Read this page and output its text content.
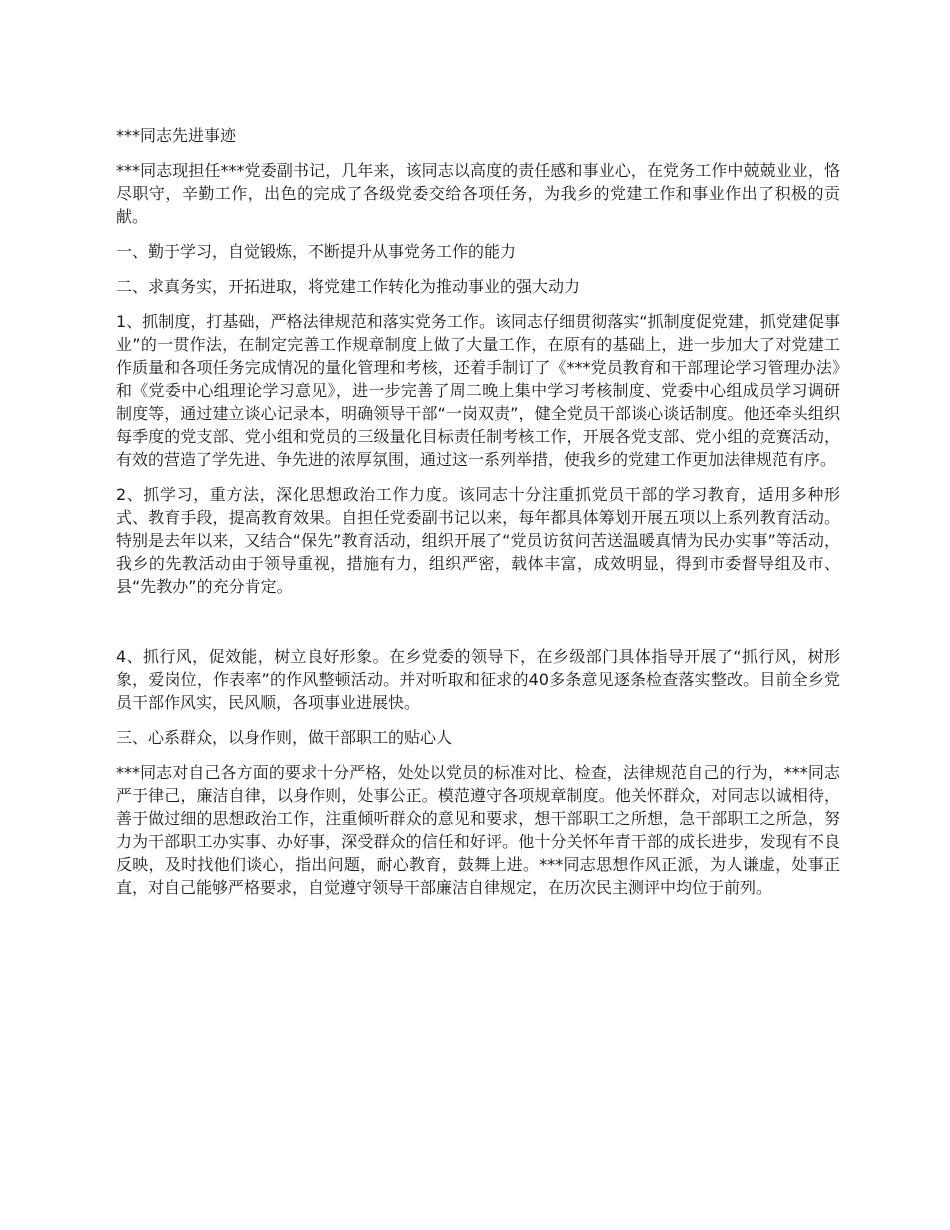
***同志先进事迹

***同志现担任***党委副书记，几年来，该同志以高度的责任感和事业心，在党务工作中兢兢业业，恪尽职守，辛勤工作，出色的完成了各级党委交给各项任务，为我乡的党建工作和事业作出了积极的贡献。

一、勤于学习，自觉锻炼，不断提升从事党务工作的能力

二、求真务实，开拓进取，将党建工作转化为推动事业的强大动力

1、抓制度，打基础，严格法律规范和落实党务工作。该同志仔细贯彻落实“抓制度促党建，抓党建促事业”的一贯作法，在制定完善工作规章制度上做了大量工作，在原有的基础上，进一步加大了对党建工作质量和各项任务完成情况的量化管理和考核，还着手制订了《***党员教育和干部理论学习管理办法》和《党委中心组理论学习意见》，进一步完善了周二晚上集中学习考核制度、党委中心组成员学习调研制度等，通过建立谈心记录本，明确领导干部“一岗双责”，健全党员干部谈心谈话制度。他还牵头组织每季度的党支部、党小组和党员的三级量化目标责任制考核工作，开展各党支部、党小组的竞赛活动，有效的营造了学先进、争先进的浓厚氛围，通过这一系列举措，使我乡的党建工作更加法律规范有序。

2、抓学习，重方法，深化思想政治工作力度。该同志十分注重抓党员干部的学习教育，适用多种形式、教育手段，提高教育效果。自担任党委副书记以来，每年都具体筹划开展五项以上系列教育活动。特别是去年以来，又结合“保先”教育活动，组织开展了“党员访贫问苦送温暖真情为民办实事”等活动，我乡的先教活动由于领导重视，措施有力，组织严密，载体丰富，成效明显，得到市委督导组及市、县“先教办”的充分肯定。

4、抓行风，促效能，树立良好形象。在乡党委的领导下，在乡级部门具体指导开展了“抓行风，树形象，爱岗位，作表率”的作风整顿活动。并对听取和征求的40多条意见逐条检查落实整改。目前全乡党员干部作风实，民风顺，各项事业进展快。

三、心系群众，以身作则，做干部职工的贴心人

***同志对自己各方面的要求十分严格，处处以党员的标准对比、检查，法律规范自己的行为，***同志严于律己，廉洁自律，以身作则，处事公正。模范遵守各项规章制度。他关怀群众，对同志以诚相待，善于做过细的思想政治工作，注重倾听群众的意见和要求，想干部职工之所想，急干部职工之所急，努力为干部职工办实事、办好事，深受群众的信任和好评。他十分关怀年青干部的成长进步，发现有不良反映，及时找他们谈心，指出问题，耐心教育，鼓舞上进。***同志思想作风正派，为人谦虚，处事正直，对自己能够严格要求，自觉遵守领导干部廉洁自律规定，在历次民主测评中均位于前列。
